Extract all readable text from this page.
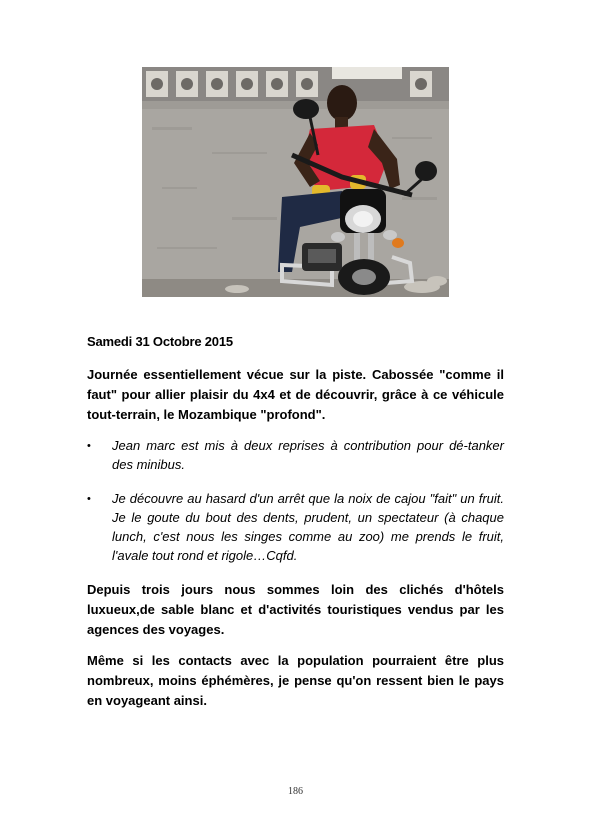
Samedi 31 Octobre 2015

Journée essentiellement vécue sur la piste. Cabossée "comme il faut" pour allier plaisir du 4x4 et de découvrir, grâce à ce véhicule tout-terrain, le Mozambique "profond".

• Jean marc est mis à deux reprises à contribution pour dé-tanker des minibus.
• Je découvre au hasard d'un arrêt que la noix de cajou "fait" un fruit. Je le goute du bout des dents, prudent, un spectateur (à chaque lunch, c'est nous les singes comme au zoo) me prends le fruit, l'avale tout rond et rigole…Cqfd.

Depuis trois jours nous sommes loin des clichés d'hôtels luxueux,de sable blanc et d'activités touristiques vendus par les agences des voyages.

Même si les contacts avec la population pourraient être plus nombreux, moins éphémères, je pense qu'on ressent bien le pays en voyageant ainsi.

186
